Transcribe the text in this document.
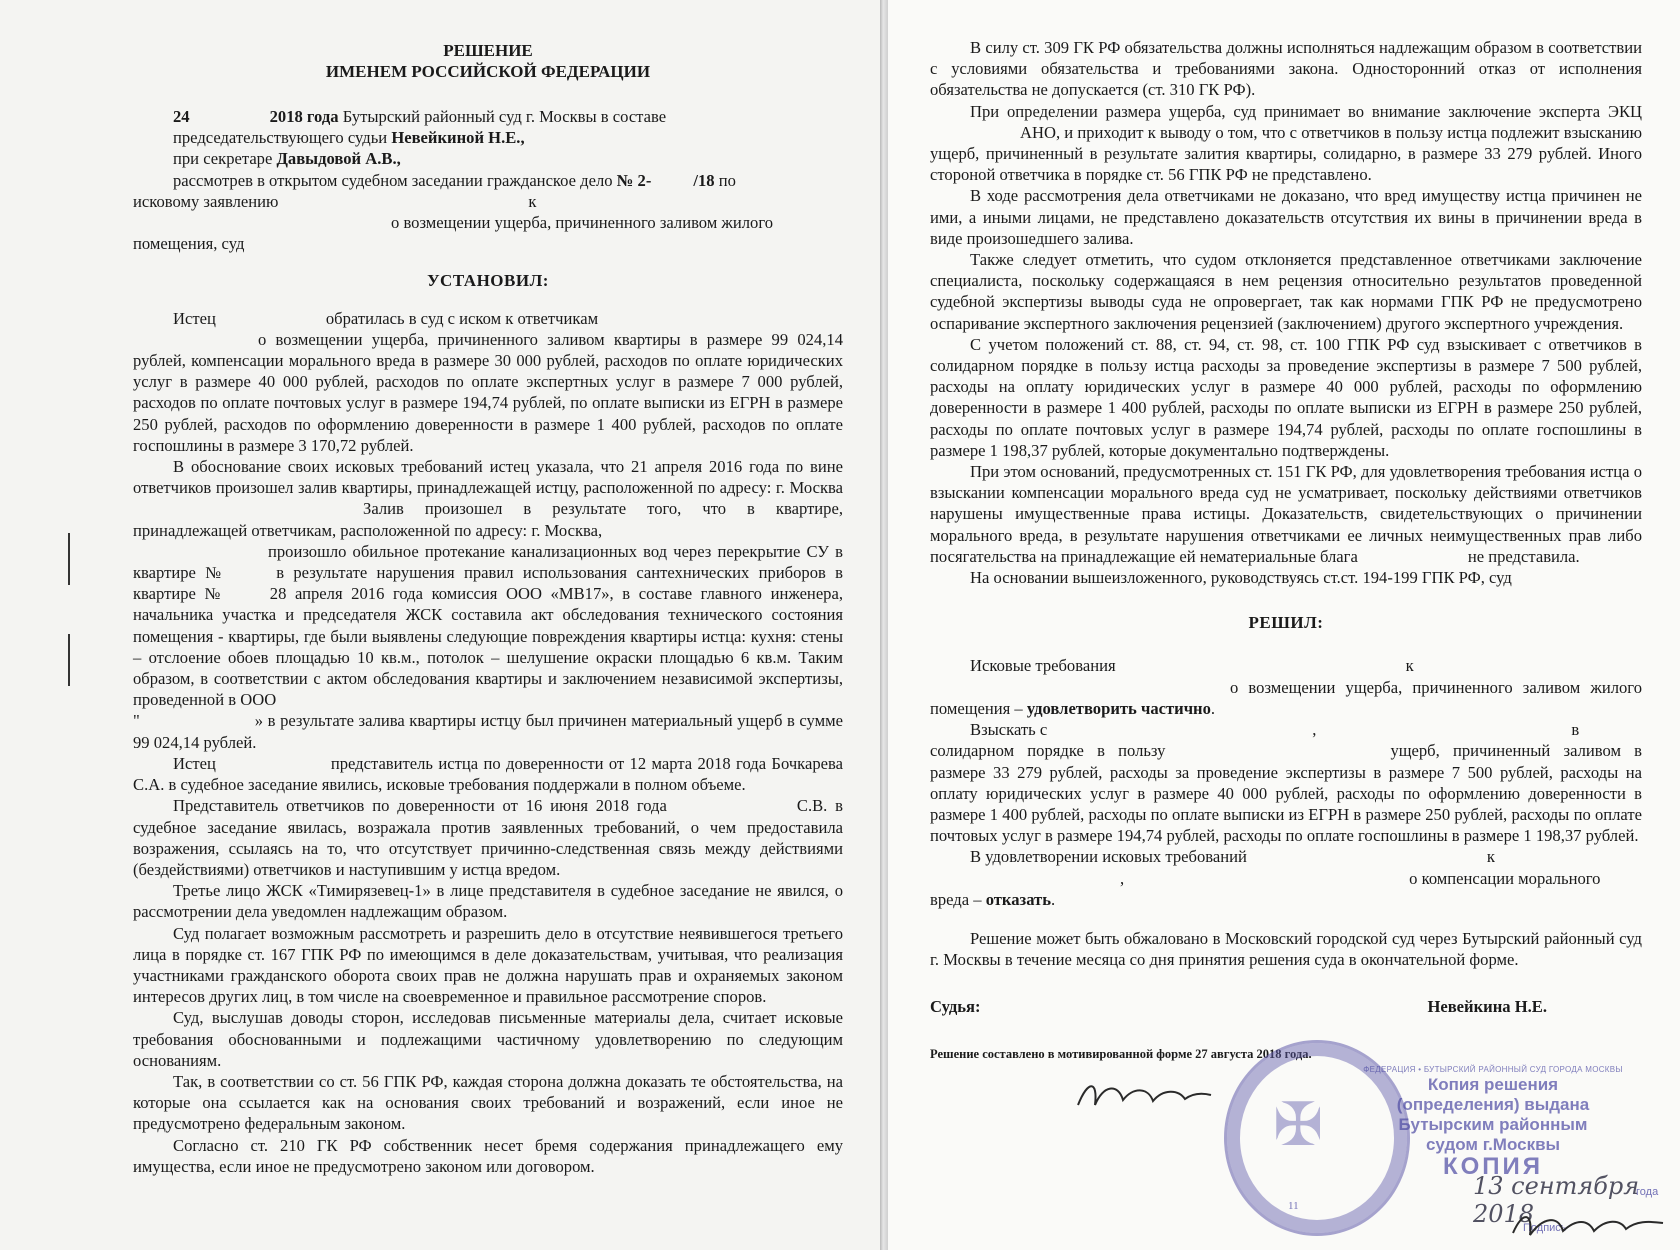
РЕШЕНИЕ
ИМЕНЕМ РОССИЙСКОЙ ФЕДЕРАЦИИ

24	2018 года Бутырский районный суд г. Москвы в составе

председательствующего судьи Невейкиной Н.Е.,

при секретаре Давыдовой А.В.,

рассмотрев в открытом судебном заседании гражданское дело № 2-	/18 по

исковому заявлению	к
о возмещении ущерба, причиненного заливом жилого
помещения, суд

УСТАНОВИЛ:

Истец	обратилась в суд с иском к ответчикам
о возмещении ущерба, причиненного заливом квартиры в размере 99 024,14 рублей, компенсации морального вреда в размере 30 000 рублей, расходов по оплате юридических услуг в размере 40 000 рублей, расходов по оплате экспертных услуг в размере 7 000 рублей, расходов по оплате почтовых услуг в размере 194,74 рублей, по оплате выписки из ЕГРН в размере 250 рублей, расходов по оформлению доверенности в размере 1 400 рублей, расходов по оплате госпошлины в размере 3 170,72 рублей.

В обоснование своих исковых требований истец указала, что 21 апреля 2016 года по вине ответчиков произошел залив квартиры, принадлежащей истцу, расположенной по адресу: г. МоскваЗалив произошел в результате того, что в квартире, принадлежащей ответчикам, расположенной по адресу: г. Москва,
произошло обильное протекание канализационных вод через перекрытие СУ в квартире №	в результате нарушения правил использования сантехнических приборов в квартире №	28 апреля 2016 года комиссия ООО «МВ17», в составе главного инженера, начальника участка и председателя ЖСК составила акт обследования технического состояния помещения - квартиры, где были выявлены следующие повреждения квартиры истца: кухня: стены – отслоение обоев площадью 10 кв.м., потолок – шелушение окраски площадью 6 кв.м. Таким образом, в соответствии с актом обследования квартиры и заключением независимой экспертизы, проведенной в ООО
"	» в результате залива квартиры истцу был причинен материальный ущерб в сумме 99 024,14 рублей.

Истец	представитель истца по доверенности от 12 марта 2018 года Бочкарева С.А. в судебное заседание явились, исковые требования поддержали в полном объеме.

Представитель ответчиков по доверенности от 16 июня 2018 года	С.В. в судебное заседание явилась, возражала против заявленных требований, о чем предоставила возражения, ссылаясь на то, что отсутствует причинно-следственная связь между действиями (бездействиями) ответчиков и наступившим у истца вредом.

Третье лицо ЖСК «Тимирязевец-1» в лице представителя в судебное заседание не явился, о рассмотрении дела уведомлен надлежащим образом.

Суд полагает возможным рассмотреть и разрешить дело в отсутствие неявившегося третьего лица в порядке ст. 167 ГПК РФ по имеющимся в деле доказательствам, учитывая, что реализация участниками гражданского оборота своих прав не должна нарушать прав и охраняемых законом интересов других лиц, в том числе на своевременное и правильное рассмотрение споров.

Суд, выслушав доводы сторон, исследовав письменные материалы дела, считает исковые требования обоснованными и подлежащими частичному удовлетворению по следующим основаниям.

Так, в соответствии со ст. 56 ГПК РФ, каждая сторона должна доказать те обстоятельства, на которые она ссылается как на основания своих требований и возражений, если иное не предусмотрено федеральным законом.

Согласно ст. 210 ГК РФ собственник несет бремя содержания принадлежащего ему имущества, если иное не предусмотрено законом или договором.

В силу ст. 309 ГК РФ обязательства должны исполняться надлежащим образом в соответствии с условиями обязательства и требованиями закона. Односторонний отказ от исполнения обязательства не допускается (ст. 310 ГК РФ).

При определении размера ущерба, суд принимает во внимание заключение эксперта ЭКЦАНО, и приходит к выводу о том, что с ответчиков в пользу истца подлежит взысканию ущерб, причиненный в результате залития квартиры, солидарно, в размере 33 279 рублей. Иного стороной ответчика в порядке ст. 56 ГПК РФ не представлено.

В ходе рассмотрения дела ответчиками не доказано, что вред имуществу истца причинен не ими, а иными лицами, не представлено доказательств отсутствия их вины в причинении вреда в виде произошедшего залива.

Также следует отметить, что судом отклоняется представленное ответчиками заключение специалиста, поскольку содержащаяся в нем рецензия относительно результатов проведенной судебной экспертизы выводы суда не опровергает, так как нормами ГПК РФ не предусмотрено оспаривание экспертного заключения рецензией (заключением) другого экспертного учреждения.

С учетом положений ст. 88, ст. 94, ст. 98, ст. 100 ГПК РФ суд взыскивает с ответчиков в солидарном порядке в пользу истца расходы за проведение экспертизы в размере 7 500 рублей, расходы на оплату юридических услуг в размере 40 000 рублей, расходы по оформлению доверенности в размере 1 400 рублей, расходы по оплате выписки из ЕГРН в размере 250 рублей, расходы по оплате почтовых услуг в размере 194,74 рублей, расходы по оплате госпошлины в размере 1 198,37 рублей, которые документально подтверждены.

При этом оснований, предусмотренных ст. 151 ГК РФ, для удовлетворения требования истца о взыскании компенсации морального вреда суд не усматривает, поскольку действиями ответчиков нарушены имущественные права истицы. Доказательств, свидетельствующих о причинении морального вреда, в результате нарушения ответчиками ее личных неимущественных прав либо посягательства на принадлежащие ей нематериальные блага	не представила.

На основании вышеизложенного, руководствуясь ст.ст. 194-199 ГПК РФ, суд

РЕШИЛ:

Исковые требования	к
о возмещении ущерба, причиненного заливом жилого помещения – удовлетворить частично.

Взыскать с	,	в
солидарном порядке в пользу	ущерб, причиненный заливом в размере 33 279 рублей, расходы за проведение экспертизы в размере 7 500 рублей, расходы на оплату юридических услуг в размере 40 000 рублей, расходы по оформлению доверенности в размере 1 400 рублей, расходы по оплате выписки из ЕГРН в размере 250 рублей, расходы по оплате почтовых услуг в размере 194,74 рублей, расходы по оплате госпошлины в размере 1 198,37 рублей.

В удовлетворении исковых требований	к
,	о компенсации морального
вреда – отказать.

Решение может быть обжаловано в Московский городской суд через Бутырский районный суд г. Москвы в течение месяца со дня принятия решения суда в окончательной форме.

Судья:	Невейкина Н.Е.

Решение составлено в мотивированной форме 27 августа 2018 года.

✠
11
ФЕДЕРАЦИЯ • БУТЫРСКИЙ РАЙОННЫЙ СУД ГОРОДА МОСКВЫ
Копия решения
(определения) выдана
Бутырским районным
судом г.Москвы
КОПИЯ
13 сентября 2018
года
Подпись
